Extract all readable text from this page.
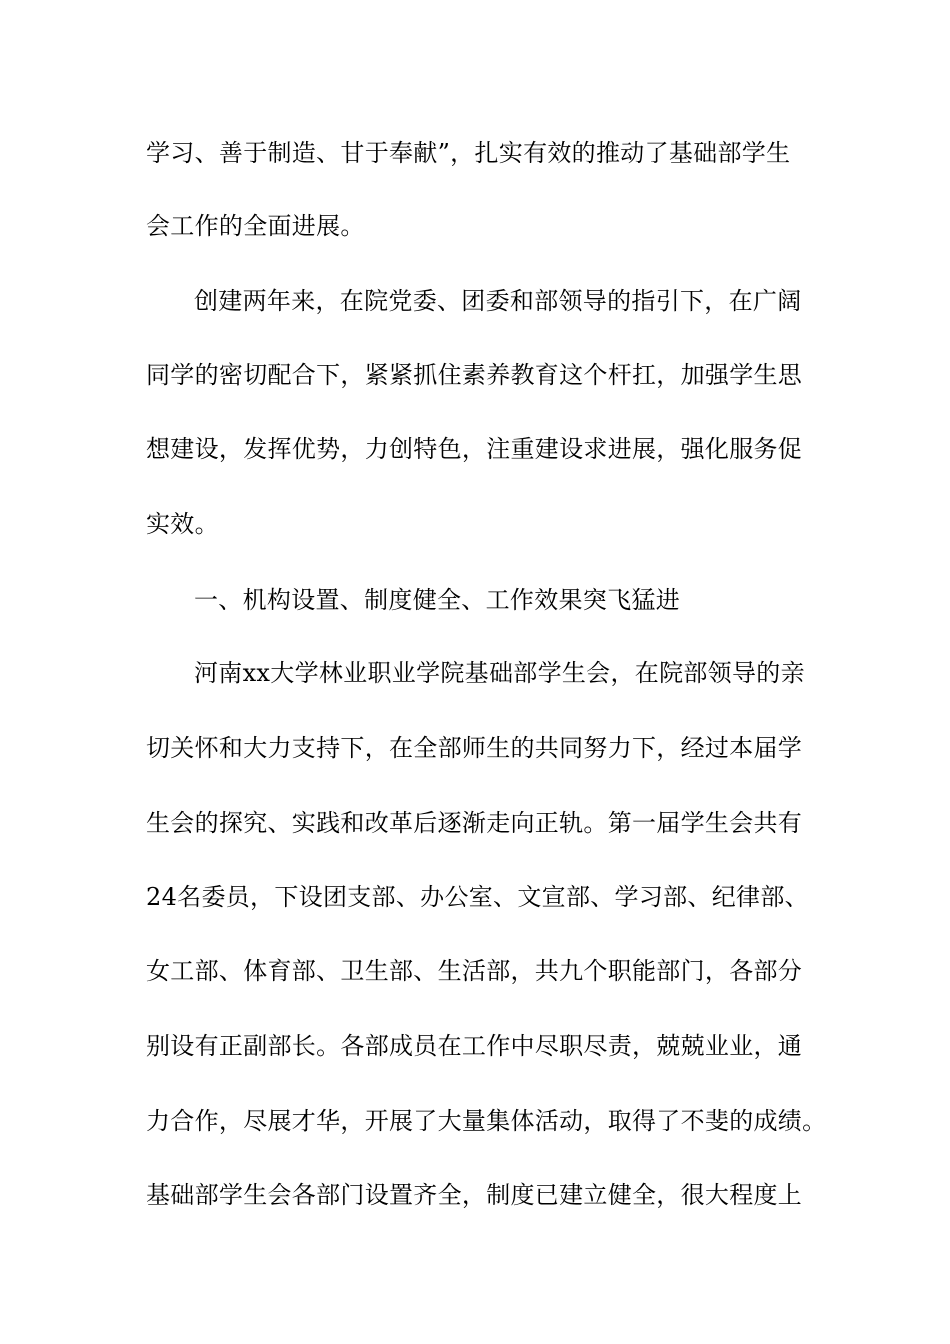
学习、善于制造、甘于奉献”，扎实有效的推动了基础部学生
会工作的全面进展。
创建两年来，在院党委、团委和部领导的指引下，在广阔
同学的密切配合下，紧紧抓住素养教育这个杆扛，加强学生思
想建设，发挥优势，力创特色，注重建设求进展，强化服务促
实效。
一、机构设置、制度健全、工作效果突飞猛进
河南xx大学林业职业学院基础部学生会，在院部领导的亲
切关怀和大力支持下，在全部师生的共同努力下，经过本届学
生会的探究、实践和改革后逐渐走向正轨。第一届学生会共有
24名委员，下设团支部、办公室、文宣部、学习部、纪律部、
女工部、体育部、卫生部、生活部，共九个职能部门，各部分
别设有正副部长。各部成员在工作中尽职尽责，兢兢业业，通
力合作，尽展才华，开展了大量集体活动，取得了不斐的成绩。
基础部学生会各部门设置齐全，制度已建立健全，很大程度上
